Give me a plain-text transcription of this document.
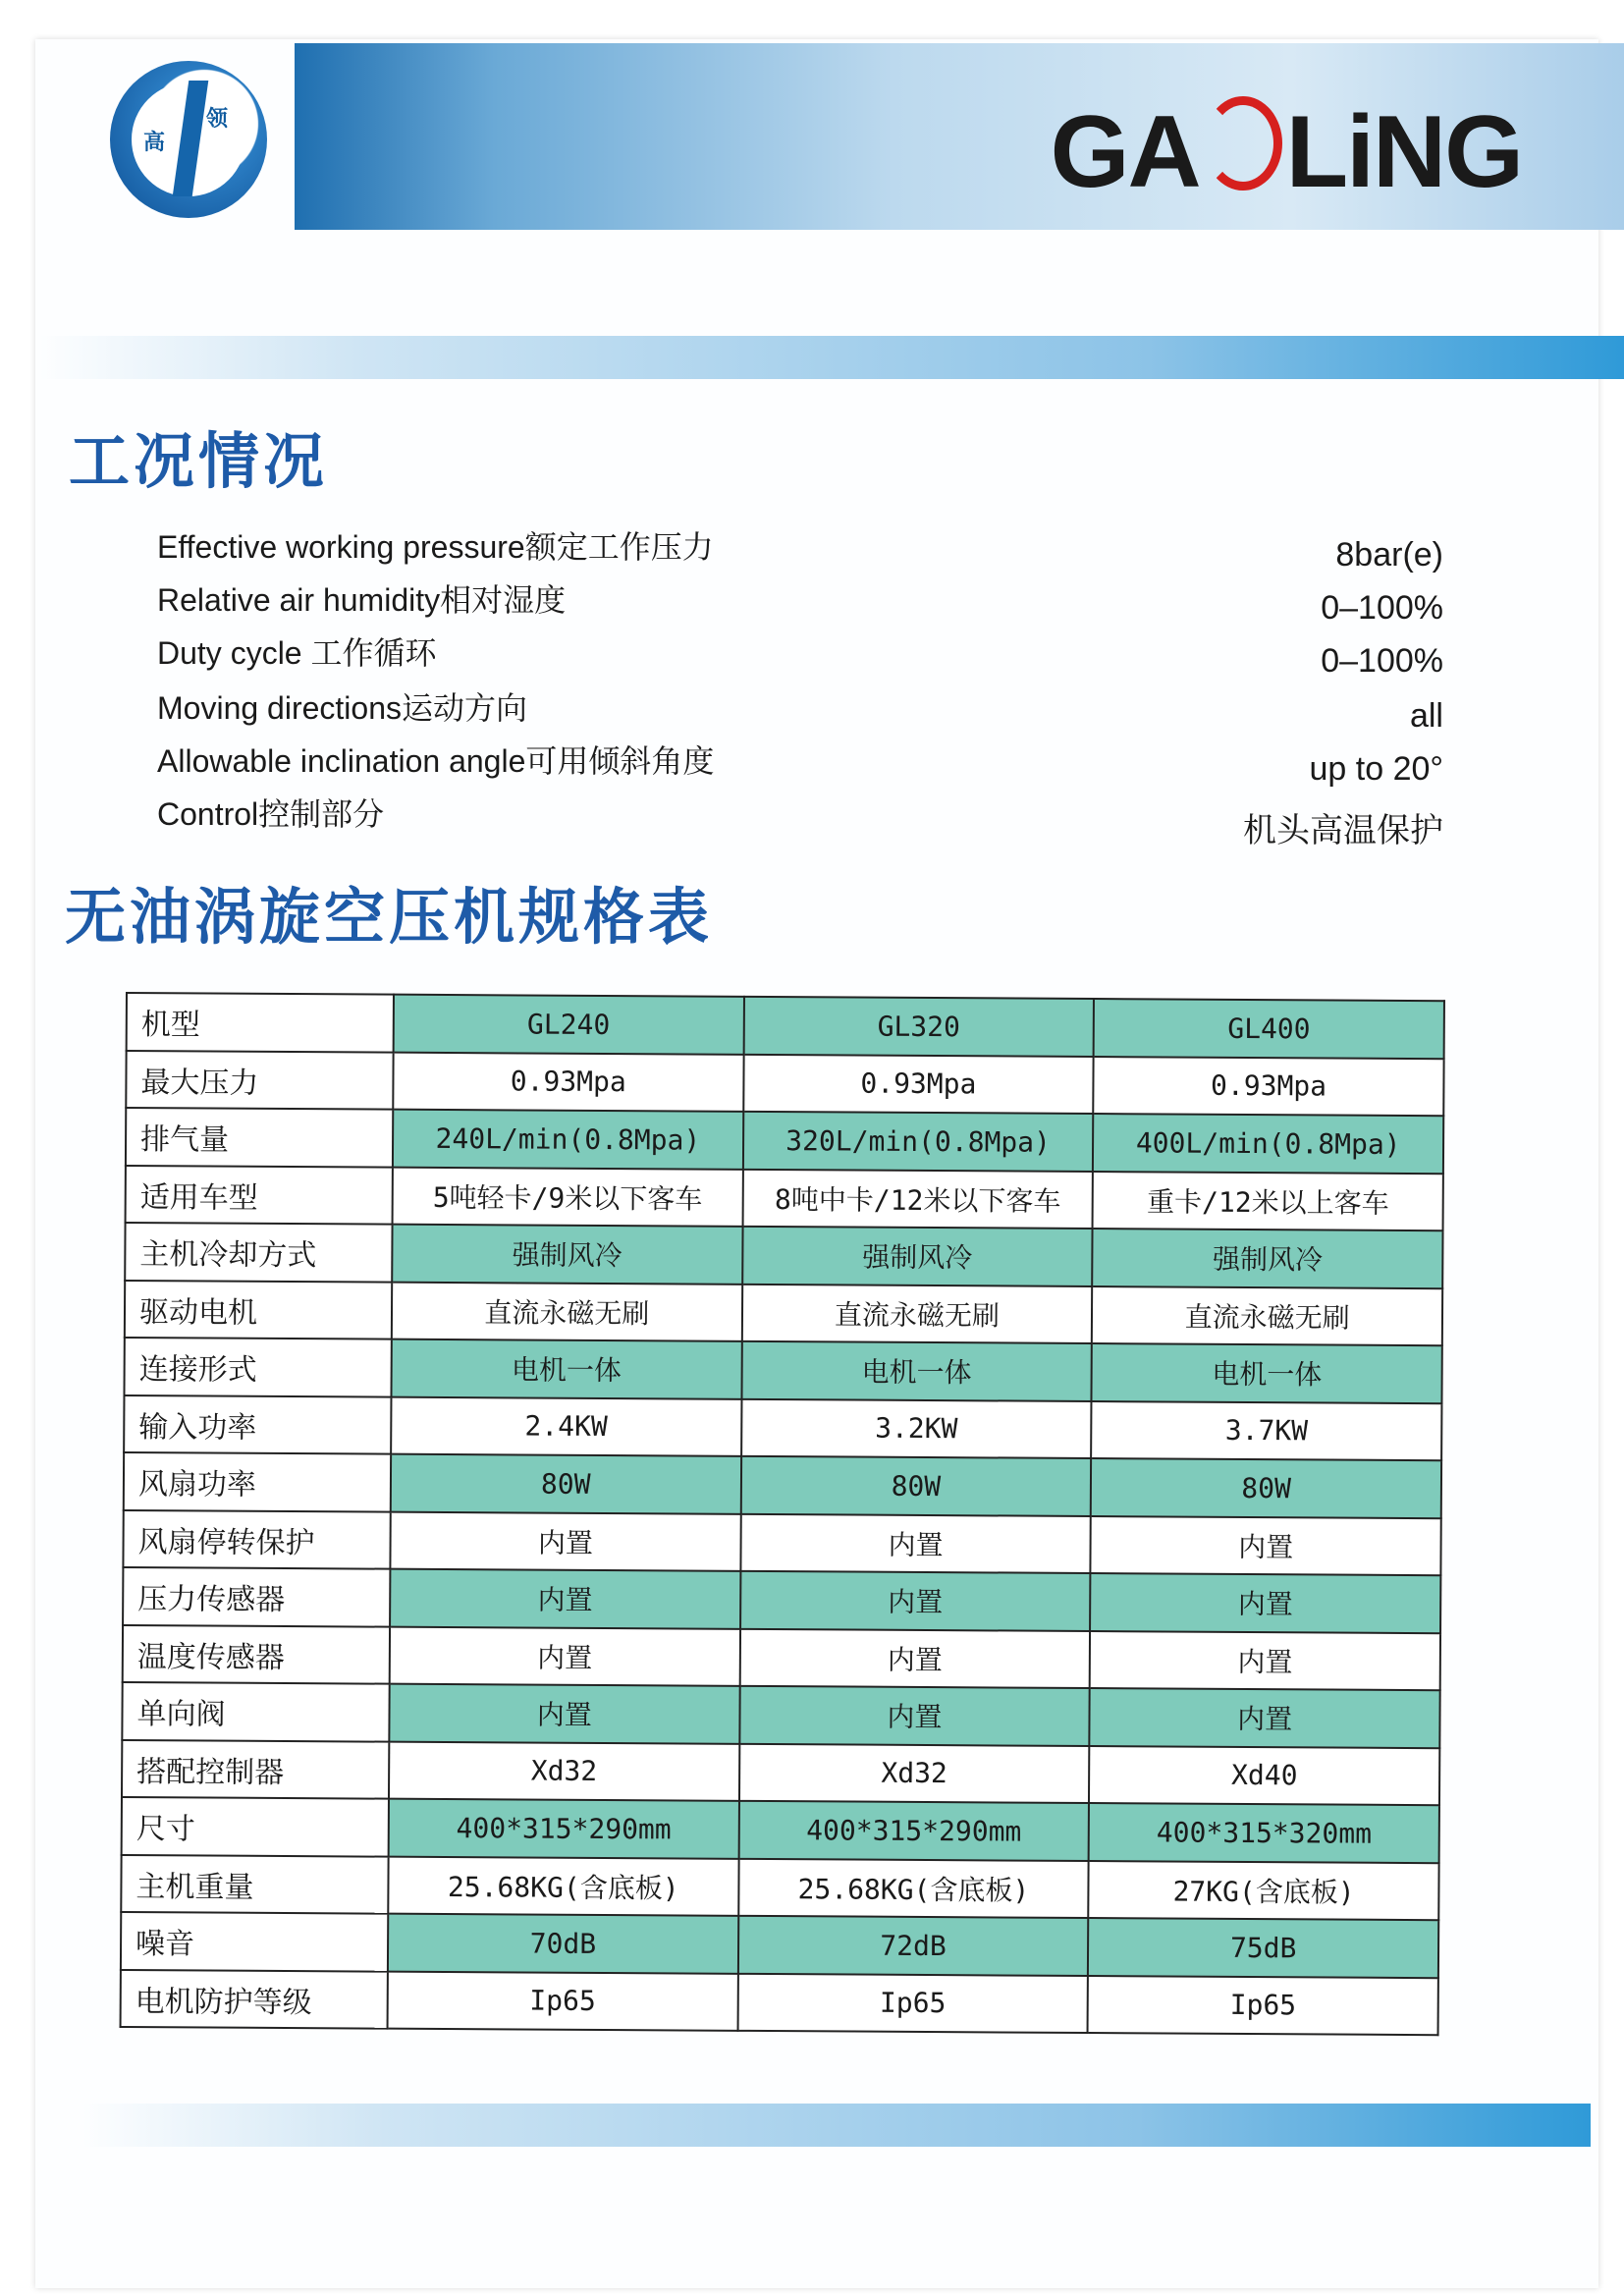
高
领	GA LiNG
工况情况
Effective working pressure额定工作压力	8bar(e)
Relative air humidity相对湿度	0–100%
Duty cycle 工作循环	0–100%
Moving directions运动方向	all
Allowable inclination angle可用倾斜角度	up to 20°
Control控制部分	机头高温保护
无油涡旋空压机规格表
机型	GL240	GL320	GL400
最大压力	0.93Mpa	0.93Mpa	0.93Mpa
排气量	240L/min(0.8Mpa)	320L/min(0.8Mpa)	400L/min(0.8Mpa)
适用车型	5吨轻卡/9米以下客车	8吨中卡/12米以下客车	重卡/12米以上客车
主机冷却方式	强制风冷	强制风冷	强制风冷
驱动电机	直流永磁无刷	直流永磁无刷	直流永磁无刷
连接形式	电机一体	电机一体	电机一体
输入功率	2.4KW	3.2KW	3.7KW
风扇功率	80W	80W	80W
风扇停转保护	内置	内置	内置
压力传感器	内置	内置	内置
温度传感器	内置	内置	内置
单向阀	内置	内置	内置
搭配控制器	Xd32	Xd32	Xd40
尺寸	400*315*290mm	400*315*290mm	400*315*320mm
主机重量	25.68KG(含底板)	25.68KG(含底板)	27KG(含底板)
噪音	70dB	72dB	75dB
电机防护等级	Ip65	Ip65	Ip65
